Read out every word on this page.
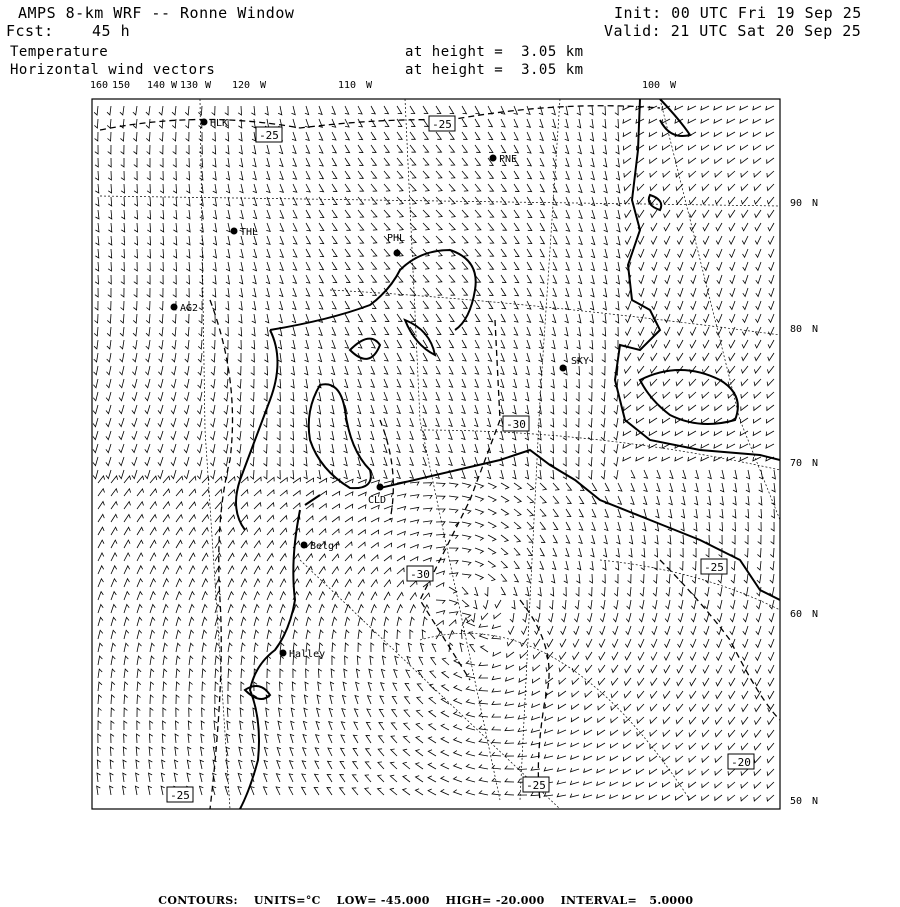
AMPS 8-km WRF -- Ronne Window	Init: 00 UTC Fri 19 Sep 25
Fcst:	45 h	Valid: 21 UTC Sat 20 Sep 25
Temperature	at height =  3.05 km
Horizontal wind vectors	at height =  3.05 km
HLK
PNE
THL
PHL
AG2
SKY
CLD
Belgr
Halley
-25
-25
-30
-30
-25
-25
-20
-25
160 150 140 W 130 W 120 W	110 W	100 W
90 N
80 N
70 N
60 N
50 N

CONTOURS: UNITS=°C LOW= -45.000 HIGH= -20.000 INTERVAL=   5.0000
